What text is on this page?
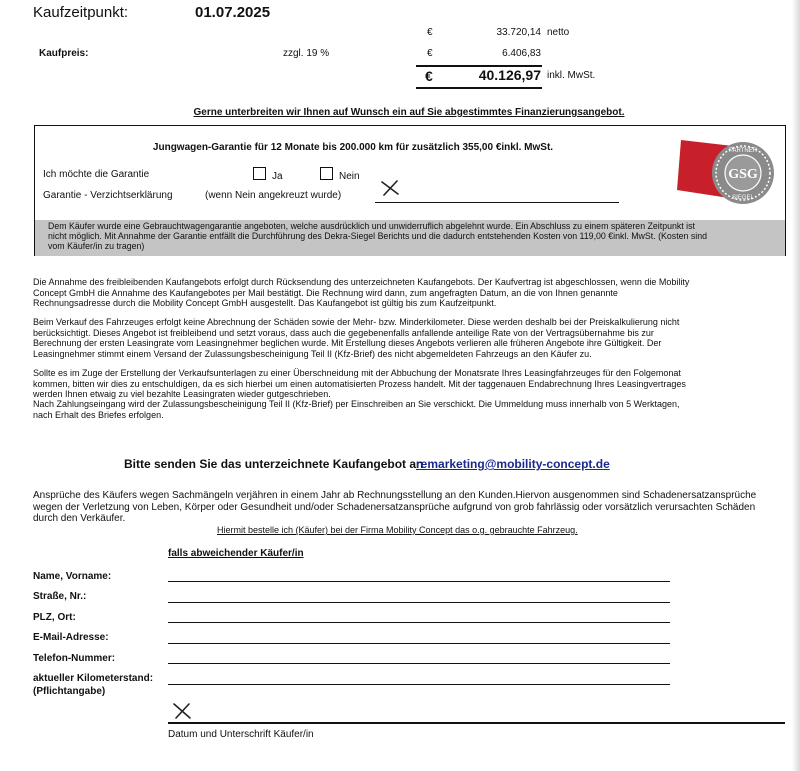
Kaufzeitpunkt:	01.07.2025
€	33.720,14 netto
Kaufpreis:	zzgl. 19 %	€	6.406,83
€	40.126,97 inkl. MwSt.
Gerne unterbreiten wir Ihnen auf Wunsch ein auf Sie abgestimmtes Finanzierungsangebot.
Jungwagen-Garantie für 12 Monate bis 200.000 km für zusätzlich 355,00 €inkl. MwSt.
Ich möchte die Garantie	Ja	Nein
Garantie - Verzichtserklärung	(wenn Nein angekreuzt wurde)
PARTNER
GSG
SIEGEL
Dem Käufer wurde eine Gebrauchtwagengarantie angeboten, welche ausdrücklich und unwiderruflich abgelehnt wurde. Ein Abschluss zu einem späteren Zeitpunkt ist nicht möglich. Mit Annahme der Garantie entfällt die Durchführung des Dekra-Siegel Berichts und die dadurch entstehenden Kosten von 119,00 €inkl. MwSt. (Kosten sind vom Käufer/in zu tragen)
Die Annahme des freibleibenden Kaufangebots erfolgt durch Rücksendung des unterzeichneten Kaufangebots. Der Kaufvertrag ist abgeschlossen, wenn die Mobility Concept GmbH die Annahme des Kaufangebotes per Mail bestätigt. Die Rechnung wird dann, zum angefragten Datum, an die von Ihnen genannte Rechnungsadresse durch die Mobility Concept GmbH ausgestellt. Das Kaufangebot ist gültig bis zum Kaufzeitpunkt.
Beim Verkauf des Fahrzeuges erfolgt keine Abrechnung der Schäden sowie der Mehr- bzw. Minderkilometer. Diese werden deshalb bei der Preiskalkulierung nicht berücksichtigt. Dieses Angebot ist freibleibend und setzt voraus, dass auch die gegebenenfalls anfallende anteilige Rate von der Vertragsübernahme bis zur Berechnung der ersten Leasingrate vom Leasingnehmer beglichen wurde. Mit Erstellung dieses Angebots verlieren alle früheren Angebote ihre Gültigkeit. Der Leasingnehmer stimmt einem Versand der Zulassungsbescheinigung Teil II (Kfz-Brief) des nicht abgemeldeten Fahrzeugs an den Käufer zu.
Sollte es im Zuge der Erstellung der Verkaufsunterlagen zu einer Überschneidung mit der Abbuchung der Monatsrate Ihres Leasingfahrzeuges für den Folgemonat kommen, bitten wir dies zu entschuldigen, da es sich hierbei um einen automatisierten Prozess handelt. Mit der taggenauen Endabrechnung Ihres Leasingvertrages werden Ihnen etwaig zu viel bezahlte Leasingraten wieder gutgeschrieben.
Nach Zahlungseingang wird der Zulassungsbescheinigung Teil II (Kfz-Brief) per Einschreiben an Sie verschickt. Die Ummeldung muss innerhalb von 5 Werktagen, nach Erhalt des Briefes erfolgen.
Bitte senden Sie das unterzeichnete Kaufangebot an
remarketing@mobility-concept.de
Ansprüche des Käufers wegen Sachmängeln verjähren in einem Jahr ab Rechnungsstellung an den Kunden.Hiervon ausgenommen sind Schadenersatzansprüche wegen der Verletzung von Leben, Körper oder Gesundheit und/oder Schadenersatzansprüche aufgrund von grob fahrlässig oder vorsätzlich verursachten Schäden durch den Verkäufer.
Hiermit bestelle ich (Käufer) bei der Firma Mobility Concept das o.g. gebrauchte Fahrzeug.
falls abweichender Käufer/in
Name, Vorname:
Straße, Nr.:
PLZ, Ort:
E-Mail-Adresse:
Telefon-Nummer:
aktueller Kilometerstand:
(Pflichtangabe)
Datum und Unterschrift Käufer/in
